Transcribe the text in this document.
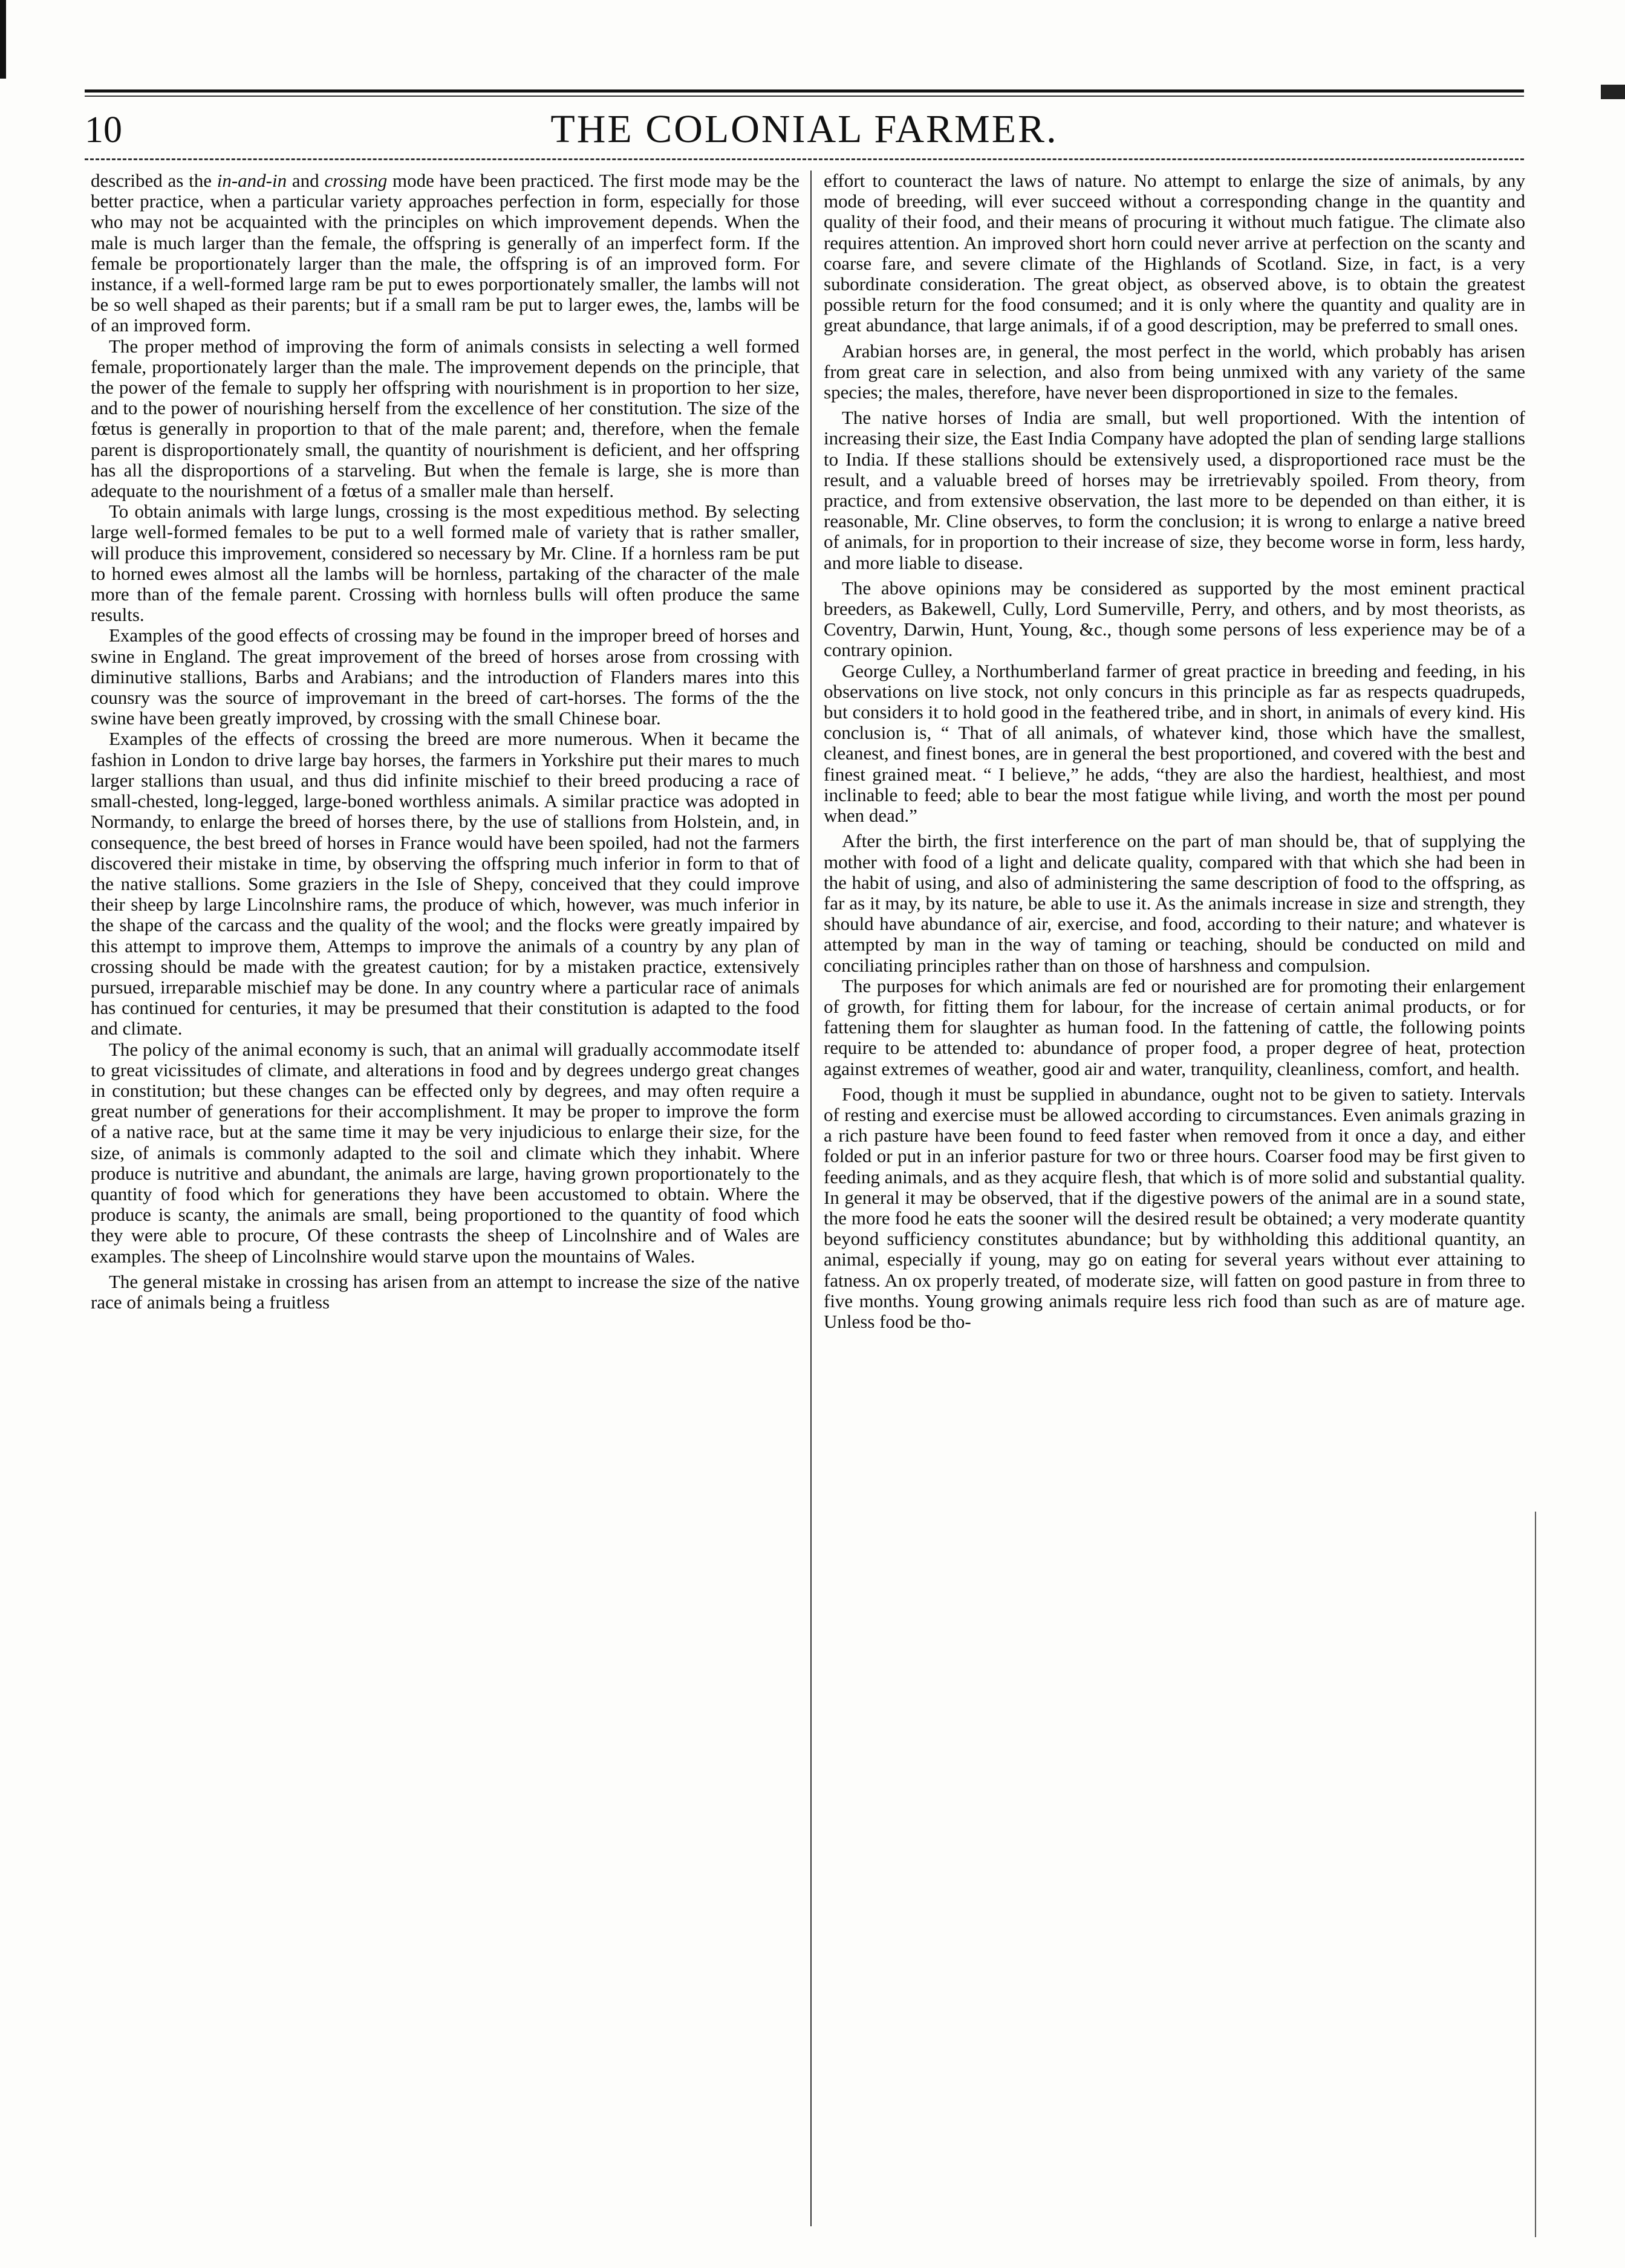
10	THE COLONIAL FARMER.

described as the in-and-in and crossing mode have been practiced. The first mode may be the better practice, when a particular variety approaches perfection in form, especially for those who may not be acquainted with the principles on which improvement depends. When the male is much larger than the female, the offspring is generally of an imperfect form. If the female be proportionately larger than the male, the offspring is of an improved form. For instance, if a well-formed large ram be put to ewes porportionately smaller, the lambs will not be so well shaped as their parents; but if a small ram be put to larger ewes, the, lambs will be of an improved form.

The proper method of improving the form of animals consists in selecting a well formed female, proportionately larger than the male. The improvement depends on the principle, that the power of the female to supply her offspring with nourishment is in proportion to her size, and to the power of nourishing herself from the excellence of her constitution. The size of the fœtus is generally in proportion to that of the male parent; and, therefore, when the female parent is disproportionately small, the quantity of nourishment is deficient, and her offspring has all the disproportions of a starveling. But when the female is large, she is more than adequate to the nourishment of a fœtus of a smaller male than herself.

To obtain animals with large lungs, crossing is the most expeditious method. By selecting large well-formed females to be put to a well formed male of variety that is rather smaller, will produce this improvement, considered so necessary by Mr. Cline. If a hornless ram be put to horned ewes almost all the lambs will be hornless, partaking of the character of the male more than of the female parent. Crossing with hornless bulls will often produce the same results.

Examples of the good effects of crossing may be found in the improper breed of horses and swine in England. The great improvement of the breed of horses arose from crossing with diminutive stallions, Barbs and Arabians; and the introduction of Flanders mares into this counsry was the source of improvemant in the breed of cart-horses. The forms of the the swine have been greatly improved, by crossing with the small Chinese boar.

Examples of the effects of crossing the breed are more numerous. When it became the fashion in London to drive large bay horses, the farmers in Yorkshire put their mares to much larger stallions than usual, and thus did infinite mischief to their breed producing a race of small-chested, long-legged, large-boned worthless animals. A similar practice was adopted in Normandy, to enlarge the breed of horses there, by the use of stallions from Holstein, and, in consequence, the best breed of horses in France would have been spoiled, had not the farmers discovered their mistake in time, by observing the offspring much inferior in form to that of the native stallions. Some graziers in the Isle of Shepy, conceived that they could improve their sheep by large Lincolnshire rams, the produce of which, however, was much inferior in the shape of the carcass and the quality of the wool; and the flocks were greatly impaired by this attempt to improve them, Attemps to improve the animals of a country by any plan of crossing should be made with the greatest caution; for by a mistaken practice, extensively pursued, irreparable mischief may be done. In any country where a particular race of animals has continued for centuries, it may be presumed that their constitution is adapted to the food and climate.

The policy of the animal economy is such, that an animal will gradually accommodate itself to great vicissitudes of climate, and alterations in food and by degrees undergo great changes in constitution; but these changes can be effected only by degrees, and may often require a great number of generations for their accomplishment. It may be proper to improve the form of a native race, but at the same time it may be very injudicious to enlarge their size, for the size, of animals is commonly adapted to the soil and climate which they inhabit. Where produce is nutritive and abundant, the animals are large, having grown proportionately to the quantity of food which for generations they have been accustomed to obtain. Where the produce is scanty, the animals are small, being proportioned to the quantity of food which they were able to procure, Of these contrasts the sheep of Lincolnshire and of Wales are examples. The sheep of Lincolnshire would starve upon the mountains of Wales.

The general mistake in crossing has arisen from an attempt to increase the size of the native race of animals being a fruitless

effort to counteract the laws of nature. No attempt to enlarge the size of animals, by any mode of breeding, will ever succeed without a corresponding change in the quantity and quality of their food, and their means of procuring it without much fatigue. The climate also requires attention. An improved short horn could never arrive at perfection on the scanty and coarse fare, and severe climate of the Highlands of Scotland. Size, in fact, is a very subordinate consideration. The great object, as observed above, is to obtain the greatest possible return for the food consumed; and it is only where the quantity and quality are in great abundance, that large animals, if of a good description, may be preferred to small ones.

Arabian horses are, in general, the most perfect in the world, which probably has arisen from great care in selection, and also from being unmixed with any variety of the same species; the males, therefore, have never been disproportioned in size to the females.

The native horses of India are small, but well proportioned. With the intention of increasing their size, the East India Company have adopted the plan of sending large stallions to India. If these stallions should be extensively used, a disproportioned race must be the result, and a valuable breed of horses may be irretrievably spoiled. From theory, from practice, and from extensive observation, the last more to be depended on than either, it is reasonable, Mr. Cline observes, to form the conclusion; it is wrong to enlarge a native breed of animals, for in proportion to their increase of size, they become worse in form, less hardy, and more liable to disease.

The above opinions may be considered as supported by the most eminent practical breeders, as Bakewell, Cully, Lord Sumerville, Perry, and others, and by most theorists, as Coventry, Darwin, Hunt, Young, &c., though some persons of less experience may be of a contrary opinion.

George Culley, a Northumberland farmer of great practice in breeding and feeding, in his observations on live stock, not only concurs in this principle as far as respects quadrupeds, but considers it to hold good in the feathered tribe, and in short, in animals of every kind. His conclusion is, “ That of all animals, of whatever kind, those which have the smallest, cleanest, and finest bones, are in general the best proportioned, and covered with the best and finest grained meat. “ I believe,” he adds, “they are also the hardiest, healthiest, and most inclinable to feed; able to bear the most fatigue while living, and worth the most per pound when dead.”

After the birth, the first interference on the part of man should be, that of supplying the mother with food of a light and delicate quality, compared with that which she had been in the habit of using, and also of administering the same description of food to the offspring, as far as it may, by its nature, be able to use it. As the animals increase in size and strength, they should have abundance of air, exercise, and food, according to their nature; and whatever is attempted by man in the way of taming or teaching, should be conducted on mild and conciliating principles rather than on those of harshness and compulsion.

The purposes for which animals are fed or nourished are for promoting their enlargement of growth, for fitting them for labour, for the increase of certain animal products, or for fattening them for slaughter as human food. In the fattening of cattle, the following points require to be attended to: abundance of proper food, a proper degree of heat, protection against extremes of weather, good air and water, tranquility, cleanliness, comfort, and health.

Food, though it must be supplied in abundance, ought not to be given to satiety. Intervals of resting and exercise must be allowed according to circumstances. Even animals grazing in a rich pasture have been found to feed faster when removed from it once a day, and either folded or put in an inferior pasture for two or three hours. Coarser food may be first given to feeding animals, and as they acquire flesh, that which is of more solid and substantial quality. In general it may be observed, that if the digestive powers of the animal are in a sound state, the more food he eats the sooner will the desired result be obtained; a very moderate quantity beyond sufficiency constitutes abundance; but by withholding this additional quantity, an animal, especially if young, may go on eating for several years without ever attaining to fatness. An ox properly treated, of moderate size, will fatten on good pasture in from three to five months. Young growing animals require less rich food than such as are of mature age. Unless food be tho-
